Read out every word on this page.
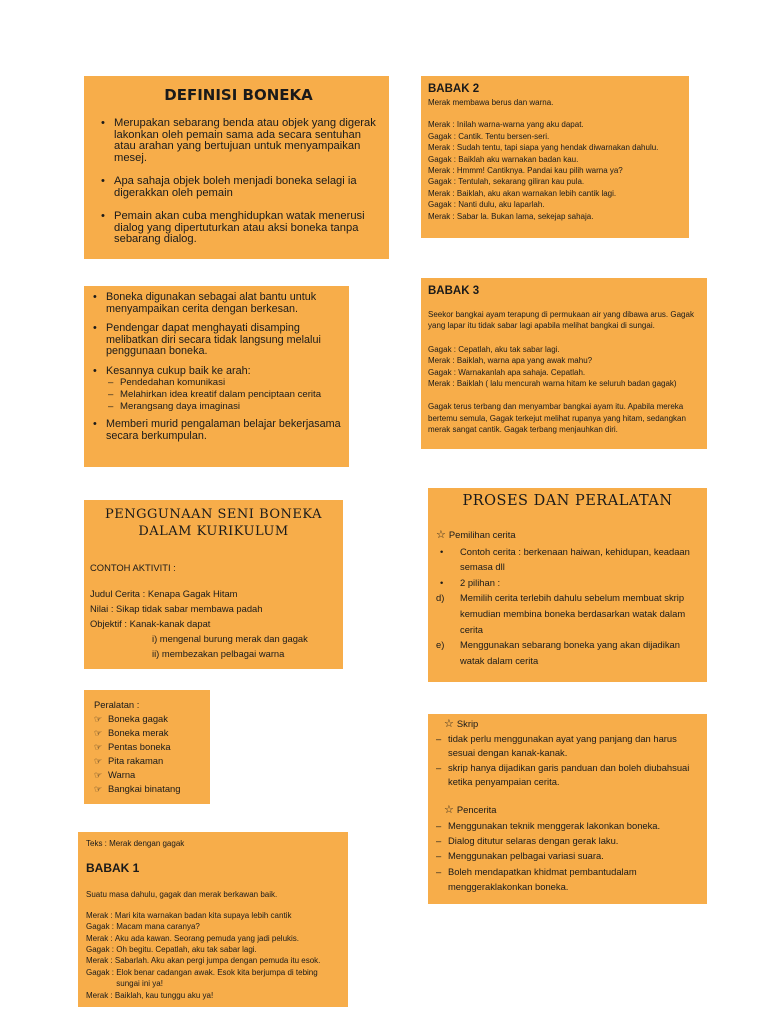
DEFINISI BONEKA
• Merupakan sebarang benda atau objek yang digerak lakonkan oleh pemain sama ada secara sentuhan atau arahan yang bertujuan untuk menyampaikan mesej.
• Apa sahaja objek boleh menjadi boneka selagi ia digerakkan oleh pemain
• Pemain akan cuba menghidupkan watak menerusi dialog yang dipertuturkan atau aksi boneka tanpa sebarang dialog.
• Boneka digunakan sebagai alat bantu untuk menyampaikan cerita dengan berkesan.
• Pendengar dapat menghayati disamping melibatkan diri secara tidak langsung melalui penggunaan boneka.
• Kesannya cukup baik ke arah:
– Pendedahan komunikasi
– Melahirkan idea kreatif dalam penciptaan cerita
– Merangsang daya imaginasi
• Memberi murid pengalaman belajar bekerjasama secara berkumpulan.
PENGGUNAAN SENI BONEKA
DALAM KURIKULUM
CONTOH AKTIVITI :
Judul Cerita : Kenapa Gagak Hitam
Nilai : Sikap tidak sabar membawa padah
Objektif : Kanak-kanak dapat
i) mengenal burung merak dan gagak
ii) membezakan pelbagai warna
Peralatan :
☞ Boneka gagak
☞ Boneka merak
☞ Pentas boneka
☞ Pita rakaman
☞ Warna
☞ Bangkai binatang
Teks : Merak dengan gagak
BABAK 1
Suatu masa dahulu, gagak dan merak berkawan baik.
Merak : Mari kita warnakan badan kita supaya lebih cantik
Gagak : Macam mana caranya?
Merak : Aku ada kawan. Seorang pemuda yang jadi pelukis.
Gagak : Oh begitu. Cepatlah, aku tak sabar lagi.
Merak : Sabarlah. Aku akan pergi jumpa dengan pemuda itu esok.
Gagak : Elok benar cadangan awak. Esok kita berjumpa di tebing sungai ini ya!
Merak : Baiklah, kau tunggu aku ya!
BABAK 2
Merak membawa berus dan warna.
Merak : Inilah warna-warna yang aku dapat.
Gagak : Cantik. Tentu bersen-seri.
Merak : Sudah tentu, tapi siapa yang hendak diwarnakan dahulu.
Gagak : Baiklah aku warnakan badan kau.
Merak : Hmmm! Cantiknya. Pandai kau pilih warna ya?
Gagak : Tentulah, sekarang giliran kau pula.
Merak : Baiklah, aku akan warnakan lebih cantik lagi.
Gagak : Nanti dulu, aku laparlah.
Merak : Sabar la. Bukan lama, sekejap sahaja.
BABAK 3
Seekor bangkai ayam terapung di permukaan air yang dibawa arus. Gagak yang lapar itu tidak sabar lagi apabila melihat bangkai di sungai.
Gagak : Cepatlah, aku tak sabar lagi.
Merak : Baiklah, warna apa yang awak mahu?
Gagak : Warnakanlah apa sahaja. Cepatlah.
Merak : Baiklah ( lalu mencurah warna hitam ke seluruh badan gagak)
Gagak terus terbang dan menyambar bangkai ayam itu. Apabila mereka bertemu semula, Gagak terkejut melihat rupanya yang hitam, sedangkan merak sangat cantik. Gagak terbang menjauhkan diri.
PROSES DAN PERALATAN
☆ Pemilihan cerita
•	Contoh cerita : berkenaan haiwan, kehidupan, keadaan semasa dll
•	2 pilihan :
d)	Memilih cerita terlebih dahulu sebelum membuat skrip kemudian membina boneka berdasarkan watak dalam cerita
e)	Menggunakan sebarang boneka yang akan dijadikan watak dalam cerita
☆ Skrip
– tidak perlu menggunakan ayat yang panjang dan harus sesuai dengan kanak-kanak.
– skrip hanya dijadikan garis panduan dan boleh diubahsuai ketika penyampaian cerita.
☆ Pencerita
– Menggunakan teknik menggerak lakonkan boneka.
– Dialog ditutur selaras dengan gerak laku.
– Menggunakan pelbagai variasi suara.
– Boleh mendapatkan khidmat pembantudalam menggeraklakonkan boneka.
